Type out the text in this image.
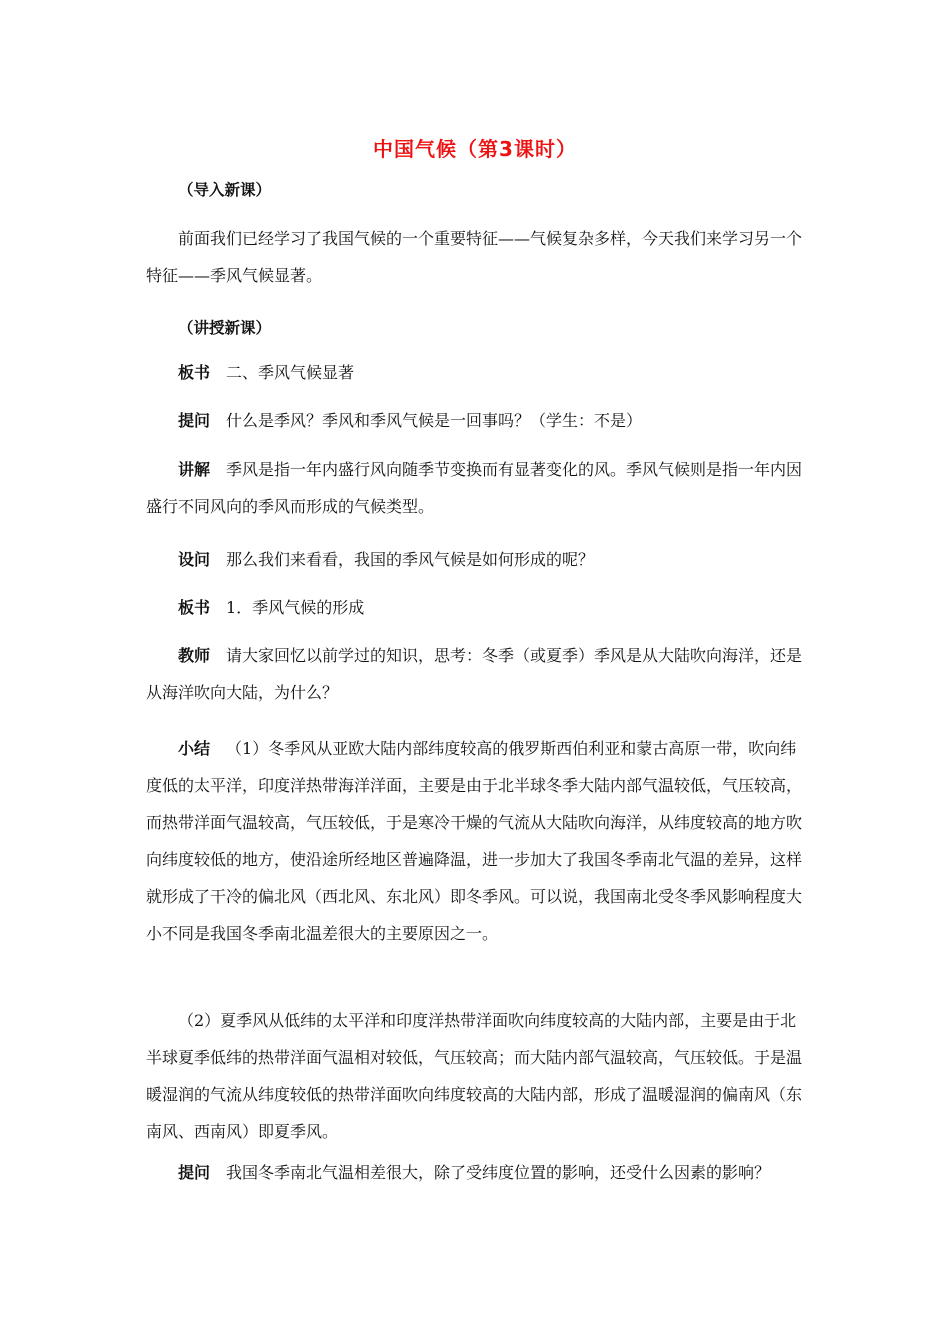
中国气候（第3课时）
（导入新课）
前面我们已经学习了我国气候的一个重要特征——气候复杂多样，今天我们来学习另一个特征——季风气候显著。
（讲授新课）
板书 二、季风气候显著
提问 什么是季风？季风和季风气候是一回事吗？（学生：不是）
讲解 季风是指一年内盛行风向随季节变换而有显著变化的风。季风气候则是指一年内因盛行不同风向的季风而形成的气候类型。
设问 那么我们来看看，我国的季风气候是如何形成的呢？
板书 1．季风气候的形成
教师 请大家回忆以前学过的知识，思考：冬季（或夏季）季风是从大陆吹向海洋，还是从海洋吹向大陆，为什么？
小结 （1）冬季风从亚欧大陆内部纬度较高的俄罗斯西伯利亚和蒙古高原一带，吹向纬度低的太平洋，印度洋热带海洋洋面，主要是由于北半球冬季大陆内部气温较低，气压较高，而热带洋面气温较高，气压较低，于是寒冷干燥的气流从大陆吹向海洋，从纬度较高的地方吹向纬度较低的地方，使沿途所经地区普遍降温，进一步加大了我国冬季南北气温的差异，这样就形成了干冷的偏北风（西北风、东北风）即冬季风。可以说，我国南北受冬季风影响程度大小不同是我国冬季南北温差很大的主要原因之一。
（2）夏季风从低纬的太平洋和印度洋热带洋面吹向纬度较高的大陆内部，主要是由于北半球夏季低纬的热带洋面气温相对较低，气压较高；而大陆内部气温较高，气压较低。于是温暖湿润的气流从纬度较低的热带洋面吹向纬度较高的大陆内部，形成了温暖湿润的偏南风（东南风、西南风）即夏季风。
提问 我国冬季南北气温相差很大，除了受纬度位置的影响，还受什么因素的影响？
